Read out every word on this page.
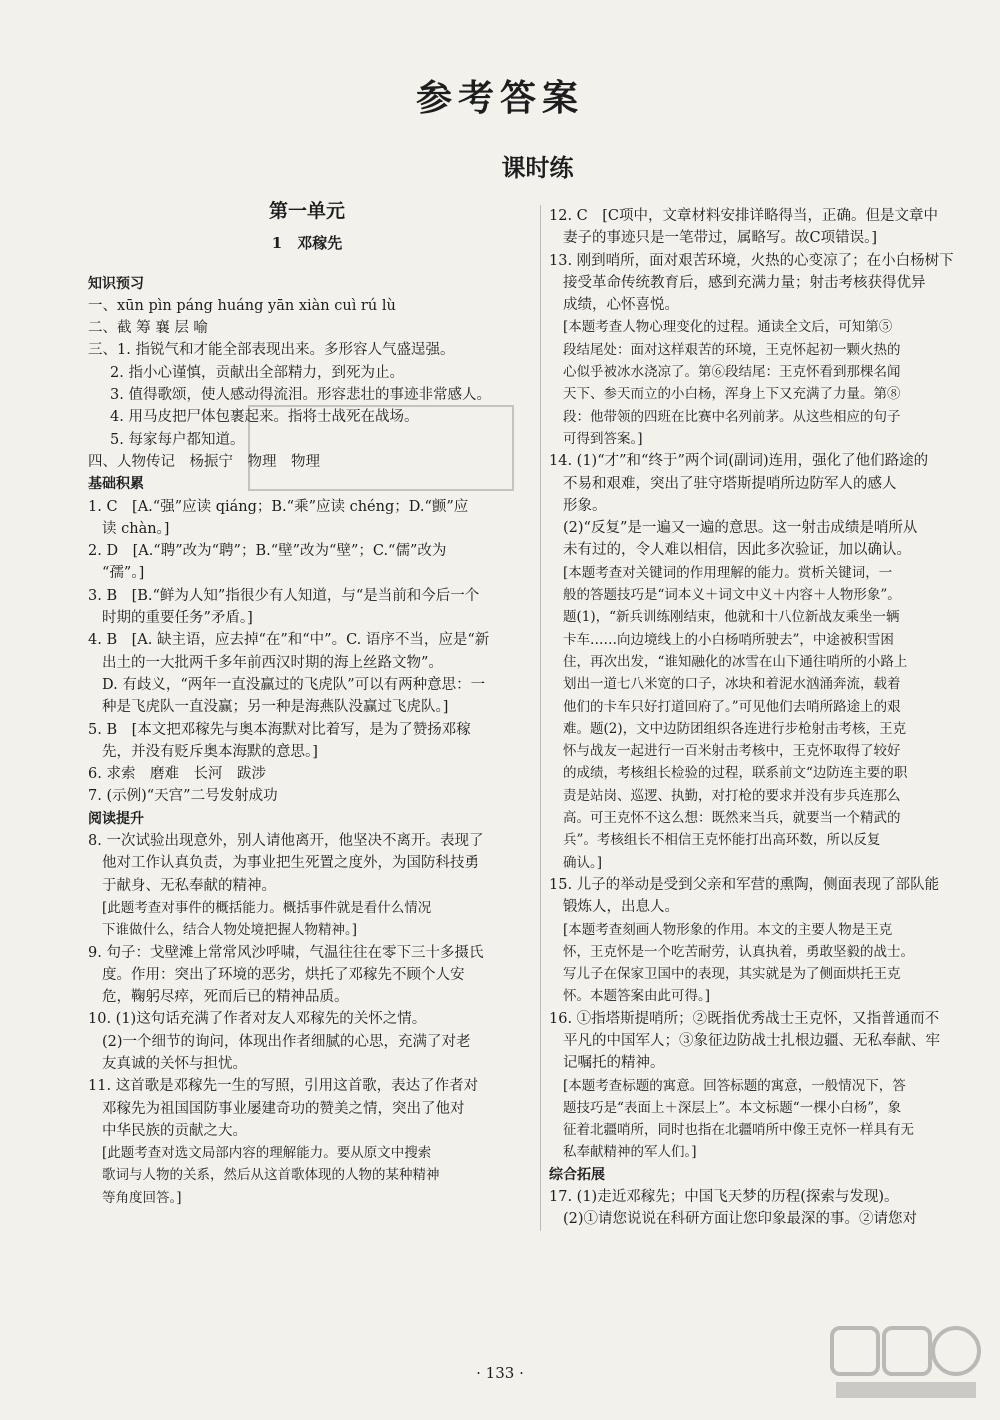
参考答案
课时练
第一单元
1　邓稼先

知识预习

一、xūn pìn páng huáng yān xiàn cuì rú lù

二、截 筹 襄 层 喻

三、1. 指锐气和才能全部表现出来。多形容人气盛逞强。

2. 指小心谨慎，贡献出全部精力，到死为止。

3. 值得歌颂，使人感动得流泪。形容悲壮的事迹非常感人。

4. 用马皮把尸体包裹起来。指将士战死在战场。

5. 每家每户都知道。

四、人物传记　杨振宁　物理　物理

基础积累

1. C　[A.“强”应读 qiáng；B.“乘”应读 chéng；D.“颤”应

读 chàn。]

2. D　[A.“聘”改为“聘”；B.“壁”改为“壁”；C.“儒”改为

“孺”。]

3. B　[B.“鲜为人知”指很少有人知道，与“是当前和今后一个

时期的重要任务”矛盾。]

4. B　[A. 缺主语，应去掉“在”和“中”。C. 语序不当，应是“新

出土的一大批两千多年前西汉时期的海上丝路文物”。

D. 有歧义，“两年一直没赢过的飞虎队”可以有两种意思：一

种是飞虎队一直没赢；另一种是海燕队没赢过飞虎队。]

5. B　[本文把邓稼先与奥本海默对比着写，是为了赞扬邓稼

先，并没有贬斥奥本海默的意思。]

6. 求索　磨难　长河　跋涉

7. (示例)“天宫”二号发射成功

阅读提升

8. 一次试验出现意外，别人请他离开，他坚决不离开。表现了

他对工作认真负责，为事业把生死置之度外，为国防科技勇

于献身、无私奉献的精神。

[此题考查对事件的概括能力。概括事件就是看什么情况

下谁做什么，结合人物处境把握人物精神。]

9. 句子：戈壁滩上常常风沙呼啸，气温往往在零下三十多摄氏

度。作用：突出了环境的恶劣，烘托了邓稼先不顾个人安

危，鞠躬尽瘁，死而后已的精神品质。

10. (1)这句话充满了作者对友人邓稼先的关怀之情。

(2)一个细节的询问，体现出作者细腻的心思，充满了对老

友真诚的关怀与担忧。

11. 这首歌是邓稼先一生的写照，引用这首歌，表达了作者对

邓稼先为祖国国防事业屡建奇功的赞美之情，突出了他对

中华民族的贡献之大。

[此题考查对选文局部内容的理解能力。要从原文中搜索

歌词与人物的关系，然后从这首歌体现的人物的某种精神

等角度回答。]

12. C　[C项中，文章材料安排详略得当，正确。但是文章中

妻子的事迹只是一笔带过，属略写。故C项错误。]

13. 刚到哨所，面对艰苦环境，火热的心变凉了；在小白杨树下

接受革命传统教育后，感到充满力量；射击考核获得优异

成绩，心怀喜悦。

[本题考查人物心理变化的过程。通读全文后，可知第⑤

段结尾处：面对这样艰苦的环境，王克怀起初一颗火热的

心似乎被冰水浇凉了。第⑥段结尾：王克怀看到那棵名闻

天下、参天而立的小白杨，浑身上下又充满了力量。第⑧

段：他带领的四班在比赛中名列前茅。从这些相应的句子

可得到答案。]

14. (1)“才”和“终于”两个词(副词)连用，强化了他们路途的

不易和艰难，突出了驻守塔斯提哨所边防军人的感人

形象。

(2)“反复”是一遍又一遍的意思。这一射击成绩是哨所从

未有过的，令人难以相信，因此多次验证，加以确认。

[本题考查对关键词的作用理解的能力。赏析关键词，一

般的答题技巧是“词本义＋词文中义＋内容＋人物形象”。

题(1)，“新兵训练刚结束，他就和十八位新战友乘坐一辆

卡车……向边境线上的小白杨哨所驶去”，中途被积雪困

住，再次出发，“谁知融化的冰雪在山下通往哨所的小路上

划出一道七八米宽的口子，冰块和着泥水汹涌奔流，载着

他们的卡车只好打道回府了。”可见他们去哨所路途上的艰

难。题(2)，文中边防团组织各连进行步枪射击考核，王克

怀与战友一起进行一百米射击考核中，王克怀取得了较好

的成绩，考核组长检验的过程，联系前文“边防连主要的职

责是站岗、巡逻、执勤，对打枪的要求并没有步兵连那么

高。可王克怀不这么想：既然来当兵，就要当一个精武的

兵”。考核组长不相信王克怀能打出高环数，所以反复

确认。]

15. 儿子的举动是受到父亲和军营的熏陶，侧面表现了部队能

锻炼人，出息人。

[本题考查刻画人物形象的作用。本文的主要人物是王克

怀，王克怀是一个吃苦耐劳，认真执着，勇敢坚毅的战士。

写儿子在保家卫国中的表现，其实就是为了侧面烘托王克

怀。本题答案由此可得。]

16. ①指塔斯提哨所；②既指优秀战士王克怀，又指普通而不

平凡的中国军人；③象征边防战士扎根边疆、无私奉献、牢

记嘱托的精神。

[本题考查标题的寓意。回答标题的寓意，一般情况下，答

题技巧是“表面上＋深层上”。本文标题“一棵小白杨”，象

征着北疆哨所，同时也指在北疆哨所中像王克怀一样具有无

私奉献精神的军人们。]

综合拓展

17. (1)走近邓稼先；中国飞天梦的历程(探索与发现)。

(2)①请您说说在科研方面让您印象最深的事。②请您对

· 133 ·
